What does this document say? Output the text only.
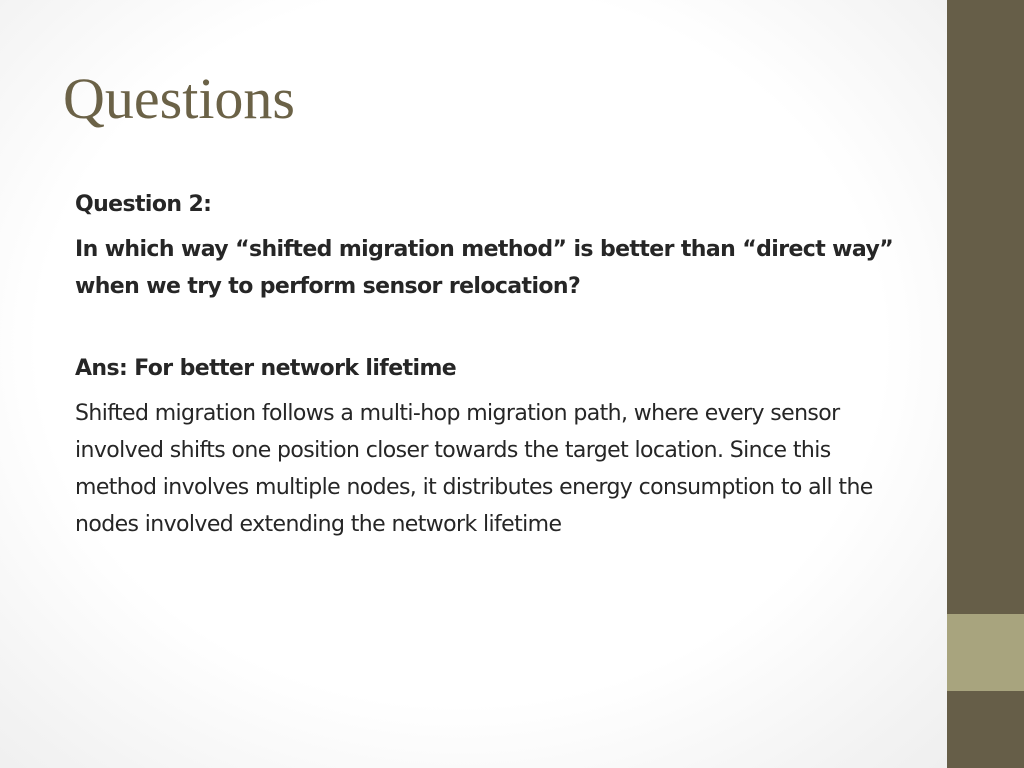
Questions

Question 2:

In which way “shifted migration method” is better than “direct way” when we try to perform sensor relocation?

Ans: For better network lifetime

Shifted migration follows a multi-hop migration path, where every sensor involved shifts one position closer towards the target location. Since this method involves multiple nodes, it distributes energy consumption to all the nodes involved extending the network lifetime
